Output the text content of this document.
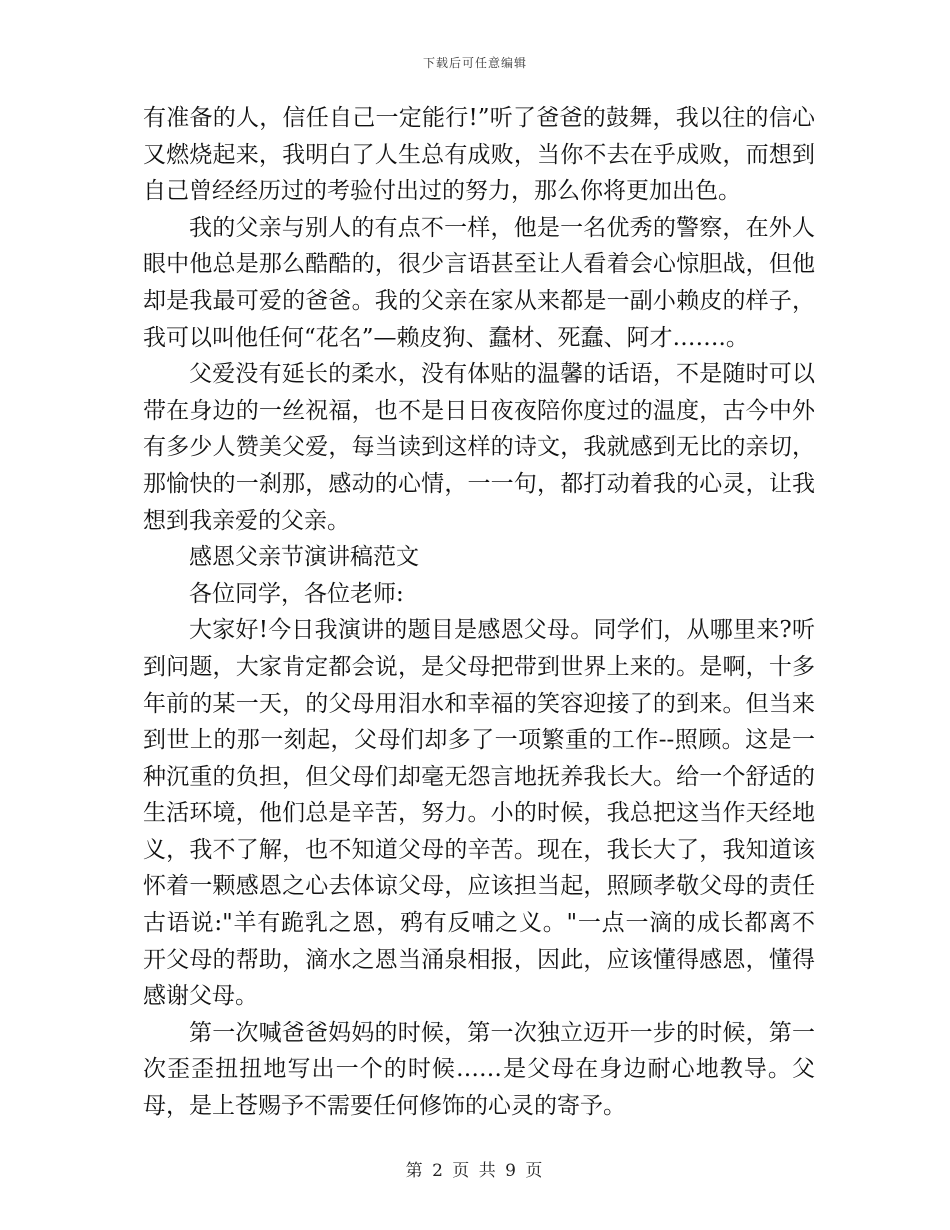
下载后可任意编辑

有准备的人，信任自己一定能行!”听了爸爸的鼓舞，我以往的信心又燃烧起来，我明白了人生总有成败，当你不去在乎成败，而想到自己曾经经历过的考验付出过的努力，那么你将更加出色。

我的父亲与别人的有点不一样，他是一名优秀的警察，在外人眼中他总是那么酷酷的，很少言语甚至让人看着会心惊胆战，但他却是我最可爱的爸爸。我的父亲在家从来都是一副小赖皮的样子，我可以叫他任何“花名”—赖皮狗、蠢材、死蠢、阿才…….。

父爱没有延长的柔水，没有体贴的温馨的话语，不是随时可以带在身边的一丝祝福，也不是日日夜夜陪你度过的温度，古今中外有多少人赞美父爱，每当读到这样的诗文，我就感到无比的亲切，那愉快的一刹那，感动的心情，一一句，都打动着我的心灵，让我想到我亲爱的父亲。

感恩父亲节演讲稿范文

各位同学，各位老师:

大家好!今日我演讲的题目是感恩父母。同学们，从哪里来?听到问题，大家肯定都会说，是父母把带到世界上来的。是啊，十多年前的某一天，的父母用泪水和幸福的笑容迎接了的到来。但当来到世上的那一刻起，父母们却多了一项繁重的工作--照顾。这是一种沉重的负担，但父母们却毫无怨言地抚养我长大。给一个舒适的生活环境，他们总是辛苦，努力。小的时候，我总把这当作天经地义，我不了解，也不知道父母的辛苦。现在，我长大了，我知道该怀着一颗感恩之心去体谅父母，应该担当起，照顾孝敬父母的责任古语说:"羊有跪乳之恩，鸦有反哺之义。"一点一滴的成长都离不开父母的帮助，滴水之恩当涌泉相报，因此，应该懂得感恩，懂得感谢父母。

第一次喊爸爸妈妈的时候，第一次独立迈开一步的时候，第一次歪歪扭扭地写出一个的时候……是父母在身边耐心地教导。父母，是上苍赐予不需要任何修饰的心灵的寄予。

第 2 页 共 9 页
